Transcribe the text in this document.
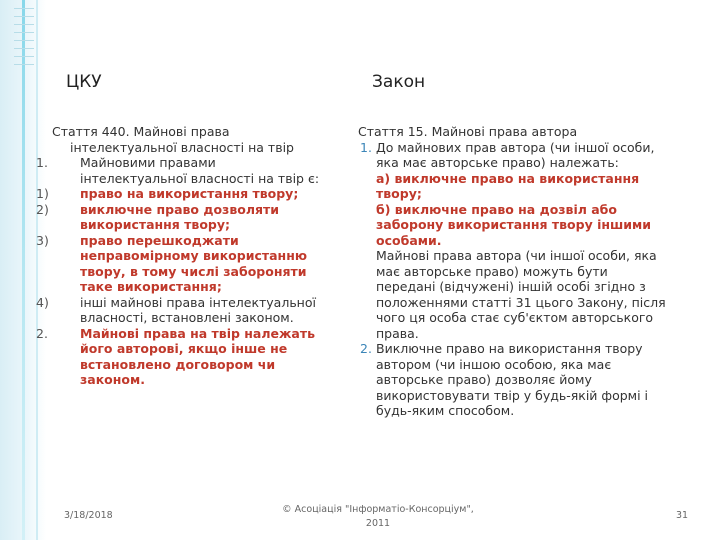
ЦКУ	Закон
Стаття 440. Майнові права
інтелектуальної власності на твір
1.	Майновими правами інтелектуальної власності на твір є:
1) право на використання твору;
2) виключне право дозволяти використання твору;
3) право перешкоджати неправомірному використанню твору, в тому числі забороняти таке використання;
4) інші майнові права інтелектуальної власності, встановлені законом.
2.	Майнові права на твір належать його авторові, якщо інше не встановлено договором чи законом.
Стаття 15. Майнові права автора
1. До майнових прав автора (чи іншої особи, яка має авторське право) належать:
а) виключне право на використання твору;
б) виключне право на дозвіл або заборону використання твору іншими особами.
Майнові права автора (чи іншої особи, яка має авторське право) можуть бути передані (відчужені) іншій особі згідно з положеннями статті 31 цього Закону, після чого ця особа стає суб'єктом авторського права.
2. Виключне право на використання твору автором (чи іншою особою, яка має авторське право) дозволяє йому використовувати твір у будь-якій формі і будь-яким способом.
3/18/2018
© Асоціація "Інформатіо-Консорціум",
2011
31
